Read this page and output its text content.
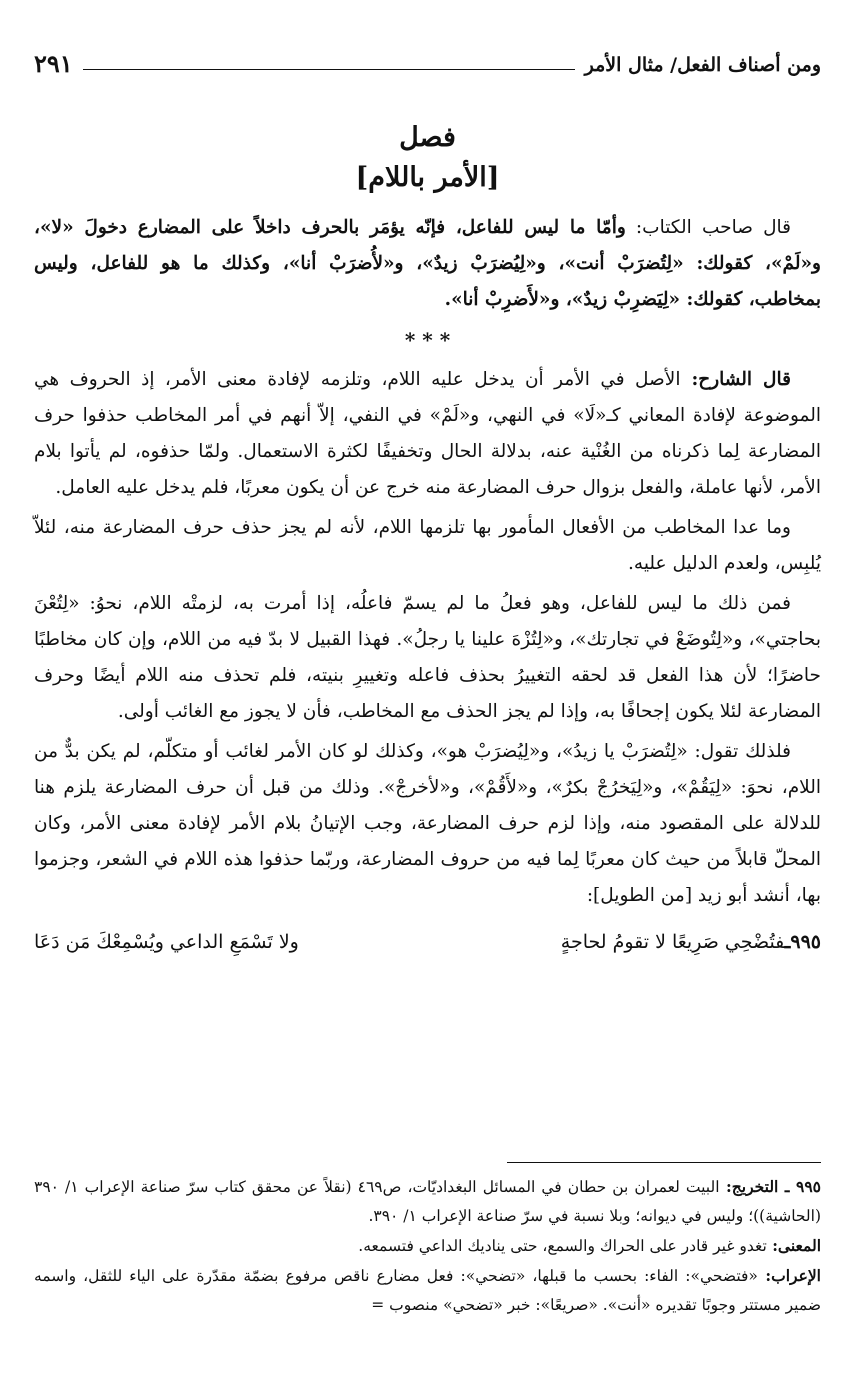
ومن أصناف الفعل/ مثال الأمر
٢٩١
فصل
[الأمر باللام]

قال صاحب الكتاب: وأمّا ما ليس للفاعل، فإنّه يؤمَر بالحرف داخلاً على المضارع دخولَ «لا»، و«لَمْ»، كقولك: «لِتُضرَبْ أنت»، و«لِيُضرَبْ زيدٌ»، و«لأُضرَبْ أنا»، وكذلك ما هو للفاعل، وليس بمخاطب، كقولك: «لِيَضرِبْ زيدٌ»، و«لأَضرِبْ أنا».

* * *

قال الشارح: الأصل في الأمر أن يدخل عليه اللام، وتلزمه لإفادة معنى الأمر، إذ الحروف هي الموضوعة لإفادة المعاني كـ«لَا» في النهي، و«لَمْ» في النفي، إلاّ أنهم في أمر المخاطب حذفوا حرف المضارعة لِما ذكرناه من الغُنْية عنه، بدلالة الحال وتخفيفًا لكثرة الاستعمال. ولمّا حذفوه، لم يأتوا بلام الأمر، لأنها عاملة، والفعل بزوال حرف المضارعة منه خرج عن أن يكون معربًا، فلم يدخل عليه العامل.

وما عدا المخاطب من الأفعال المأمور بها تلزمها اللام، لأنه لم يجز حذف حرف المضارعة منه، لئلاّ يُلبِس، ولعدم الدليل عليه.

فمن ذلك ما ليس للفاعل، وهو فعلُ ما لم يسمّ فاعلُه، إذا أمرت به، لزمتْه اللام، نحوُ: «لِتُعْنَ بحاجتي»، و«لِتُوضَعْ في تجارتك»، و«لِتُزْهَ علينا يا رجلُ». فهذا القبيل لا بدّ فيه من اللام، وإن كان مخاطبًا حاضرًا؛ لأن هذا الفعل قد لحقه التغييرُ بحذف فاعله وتغييرِ بنيته، فلم تحذف منه اللام أيضًا وحرف المضارعة لئلا يكون إجحافًا به، وإذا لم يجز الحذف مع المخاطب، فأن لا يجوز مع الغائب أولى.

فلذلك تقول: «لِتُضرَبْ يا زيدُ»، و«لِيُضرَبْ هو»، وكذلك لو كان الأمر لغائب أو متكلّم، لم يكن بدٌّ من اللام، نحوَ: «لِيَقُمْ»، و«لِيَخرُجْ بكرٌ»، و«لأَقُمْ»، و«لأخرجْ». وذلك من قبل أن حرف المضارعة يلزم هنا للدلالة على المقصود منه، وإذا لزم حرف المضارعة، وجب الإتيانُ بلام الأمر لإفادة معنى الأمر، وكان المحلّ قابلاً من حيث كان معربًا لِما فيه من حروف المضارعة، وربّما حذفوا هذه اللام في الشعر، وجزموا بها، أنشد أبو زيد [من الطويل]:

٩٩٥ـفتُضْحِي صَرِيعًا لا تقومُ لحاجةٍ
ولا تَسْمَعِ الداعي ويُسْمِعْكَ مَن دَعَا

٩٩٥ ـ التخريج: البيت لعمران بن حطان في المسائل البغداديّات، ص٤٦٩ (نقلاً عن محقق كتاب سرّ صناعة الإعراب ١/ ٣٩٠ (الحاشية))؛ وليس في ديوانه؛ وبلا نسبة في سرّ صناعة الإعراب ١/ ٣٩٠.

المعنى: تغدو غير قادر على الحراك والسمع، حتى يناديك الداعي فتسمعه.

الإعراب: «فتضحي»: الفاء: بحسب ما قبلها، «تضحي»: فعل مضارع ناقص مرفوع بضمّة مقدّرة على الياء للثقل، واسمه ضمير مستتر وجوبًا تقديره «أنت». «صريعًا»: خبر «تضحي» منصوب =
